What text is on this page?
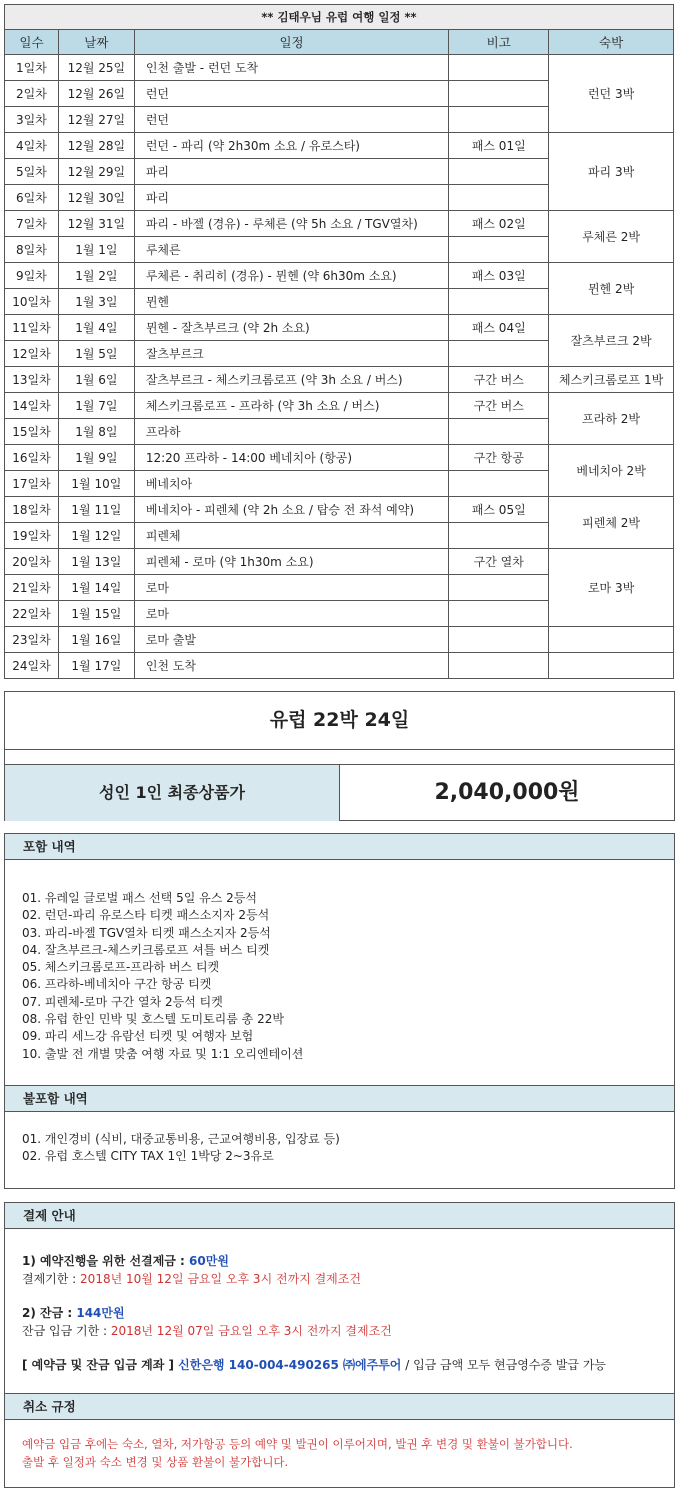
** 김태우님 유럽 여행 일정 **				
일수	날짜	일정	비고	숙박
1일차	12월 25일	인천 출발 - 런던 도착		런던 3박
2일차	12월 26일	런던		
3일차	12월 27일	런던		
4일차	12월 28일	런던 - 파리 (약 2h30m 소요 / 유로스타)	패스 01일	파리 3박
5일차	12월 29일	파리		
6일차	12월 30일	파리		
7일차	12월 31일	파리 - 바젤 (경유) - 루체른 (약 5h 소요 / TGV열차)	패스 02일	루체른 2박
8일차	1월 1일	루체른		
9일차	1월 2일	루체른 - 취리히 (경유) - 뮌헨 (약 6h30m 소요)	패스 03일	뮌헨 2박
10일차	1월 3일	뮌헨		
11일차	1월 4일	뮌헨 - 잘츠부르크 (약 2h 소요)	패스 04일	잘츠부르크 2박
12일차	1월 5일	잘츠부르크		
13일차	1월 6일	잘츠부르크 - 체스키크롬로프 (약 3h 소요 / 버스)	구간 버스	체스키크롬로프 1박
14일차	1월 7일	체스키크롬로프 - 프라하 (약 3h 소요 / 버스)	구간 버스	프라하 2박
15일차	1월 8일	프라하		
16일차	1월 9일	12:20 프라하 - 14:00 베네치아 (항공)	구간 항공	베네치아 2박
17일차	1월 10일	베네치아		
18일차	1월 11일	베네치아 - 피렌체 (약 2h 소요 / 탑승 전 좌석 예약)	패스 05일	피렌체 2박
19일차	1월 12일	피렌체		
20일차	1월 13일	피렌체 - 로마 (약 1h30m 소요)	구간 열차	로마 3박
21일차	1월 14일	로마		
22일차	1월 15일	로마		
23일차	1월 16일	로마 출발		
24일차	1월 17일	인천 도착		
유럽 22박 24일
성인 1인 최종상품가	2,040,000원
포함 내역
01. 유레일 글로벌 패스 선택 5일 유스 2등석
02. 런던-파리 유로스타 티켓 패스소지자 2등석
03. 파리-바젤 TGV열차 티켓 패스소지자 2등석
04. 잘츠부르크-체스키크롬로프 셔틀 버스 티켓
05. 체스키크롬로프-프라하 버스 티켓
06. 프라하-베네치아 구간 항공 티켓
07. 피렌체-로마 구간 열차 2등석 티켓
08. 유럽 한인 민박 및 호스텔 도미토리룸 총 22박
09. 파리 세느강 유람선 티켓 및 여행자 보험
10. 출발 전 개별 맞춤 여행 자료 및 1:1 오리엔테이션
불포함 내역
01. 개인경비 (식비, 대중교통비용, 근교여행비용, 입장료 등)
02. 유럽 호스텔 CITY TAX 1인 1박당 2~3유로
결제 안내
1) 예약진행을 위한 선결제금 : 60만원
결제기한 : 2018년 10월 12일 금요일 오후 3시 전까지 결제조건
2) 잔금 : 144만원
잔금 입금 기한 : 2018년 12월 07일 금요일 오후 3시 전까지 결제조건
[ 예약금 및 잔금 입금 계좌 ] 신한은행 140-004-490265 ㈜에주투어 / 입금 금액 모두 현금영수증 발급 가능
취소 규정
예약금 입금 후에는 숙소, 열차, 저가항공 등의 예약 및 발권이 이루어지며, 발권 후 변경 및 환불이 불가합니다.
출발 후 일정과 숙소 변경 및 상품 환불이 불가합니다.
